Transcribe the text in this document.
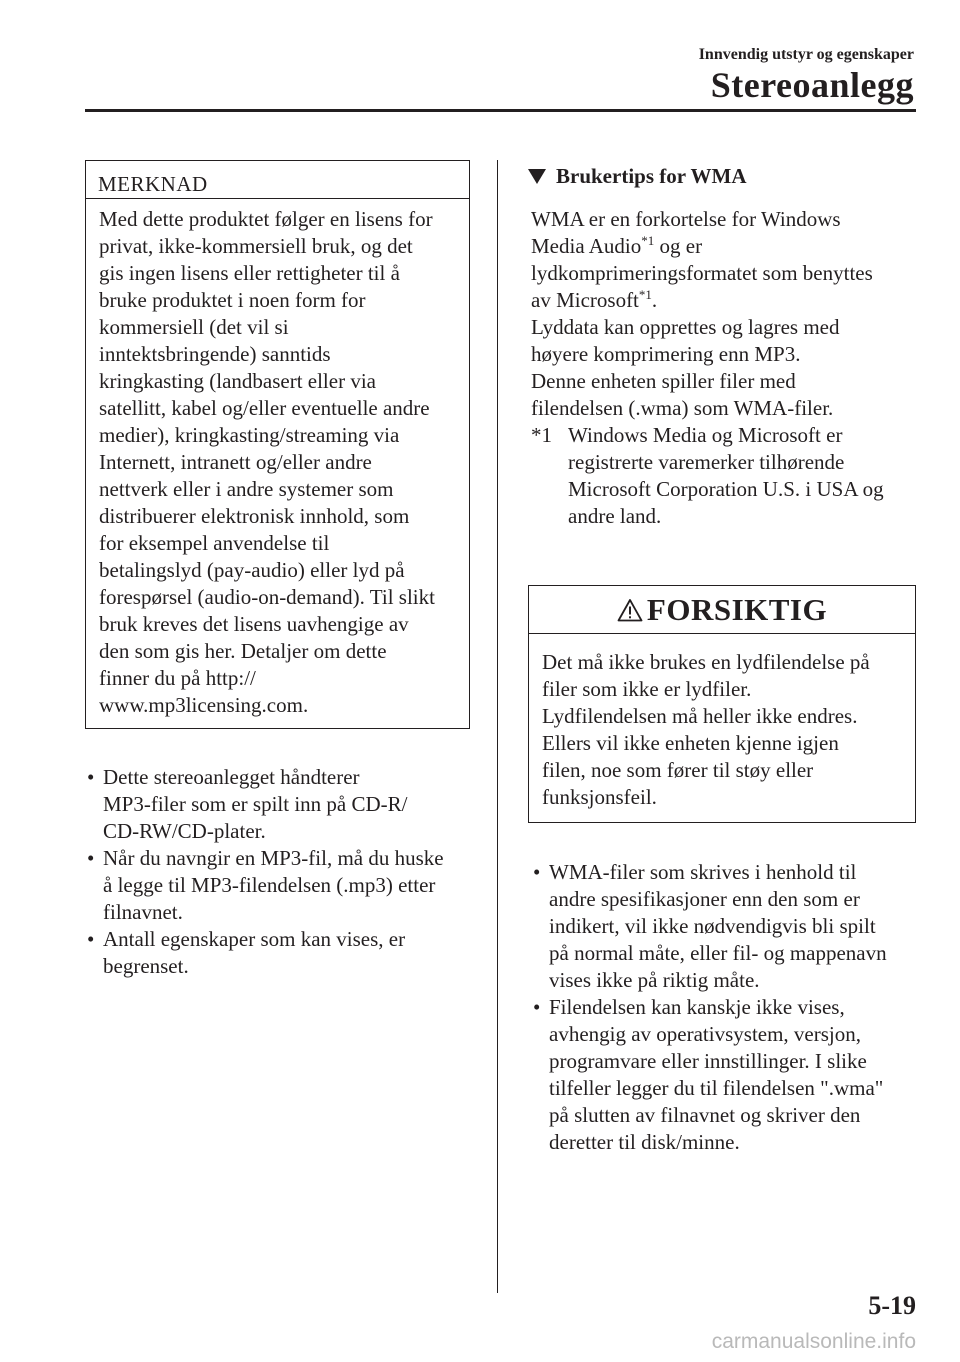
Innvendig utstyr og egenskaper
Stereoanlegg
MERKNAD
Med dette produktet følger en lisens for
privat, ikke-kommersiell bruk, og det
gis ingen lisens eller rettigheter til å
bruke produktet i noen form for
kommersiell (det vil si
inntektsbringende) sanntids
kringkasting (landbasert eller via
satellitt, kabel og/eller eventuelle andre
medier), kringkasting/streaming via
Internett, intranett og/eller andre
nettverk eller i andre systemer som
distribuerer elektronisk innhold, som
for eksempel anvendelse til
betalingslyd (pay-audio) eller lyd på
forespørsel (audio-on-demand). Til slikt
bruk kreves det lisens uavhengige av
den som gis her. Detaljer om dette
finner du på http://
www.mp3licensing.com.
• Dette stereoanlegget håndterer
MP3-filer som er spilt inn på CD-R/
CD-RW/CD-plater.
• Når du navngir en MP3-fil, må du huske
å legge til MP3-filendelsen (.mp3) etter
filnavnet.
• Antall egenskaper som kan vises, er
begrenset.
Brukertips for WMA
WMA er en forkortelse for Windows
Media Audio$^{*1}$ og er
lydkomprimeringsformatet som benyttes
av Microsoft$^{*1}$.
Lyddata kan opprettes og lagres med
høyere komprimering enn MP3.
Denne enheten spiller filer med
filendelsen (.wma) som WMA-filer.
*1 Windows Media og Microsoft er
registrerte varemerker tilhørende
Microsoft Corporation U.S. i USA og
andre land.
FORSIKTIG
Det må ikke brukes en lydfilendelse på
filer som ikke er lydfiler.
Lydfilendelsen må heller ikke endres.
Ellers vil ikke enheten kjenne igjen
filen, noe som fører til støy eller
funksjonsfeil.
• WMA-filer som skrives i henhold til
andre spesifikasjoner enn den som er
indikert, vil ikke nødvendigvis bli spilt
på normal måte, eller fil- og mappenavn
vises ikke på riktig måte.
• Filendelsen kan kanskje ikke vises,
avhengig av operativsystem, versjon,
programvare eller innstillinger. I slike
tilfeller legger du til filendelsen ".wma"
på slutten av filnavnet og skriver den
deretter til disk/minne.
5-19
carmanualsonline.info
